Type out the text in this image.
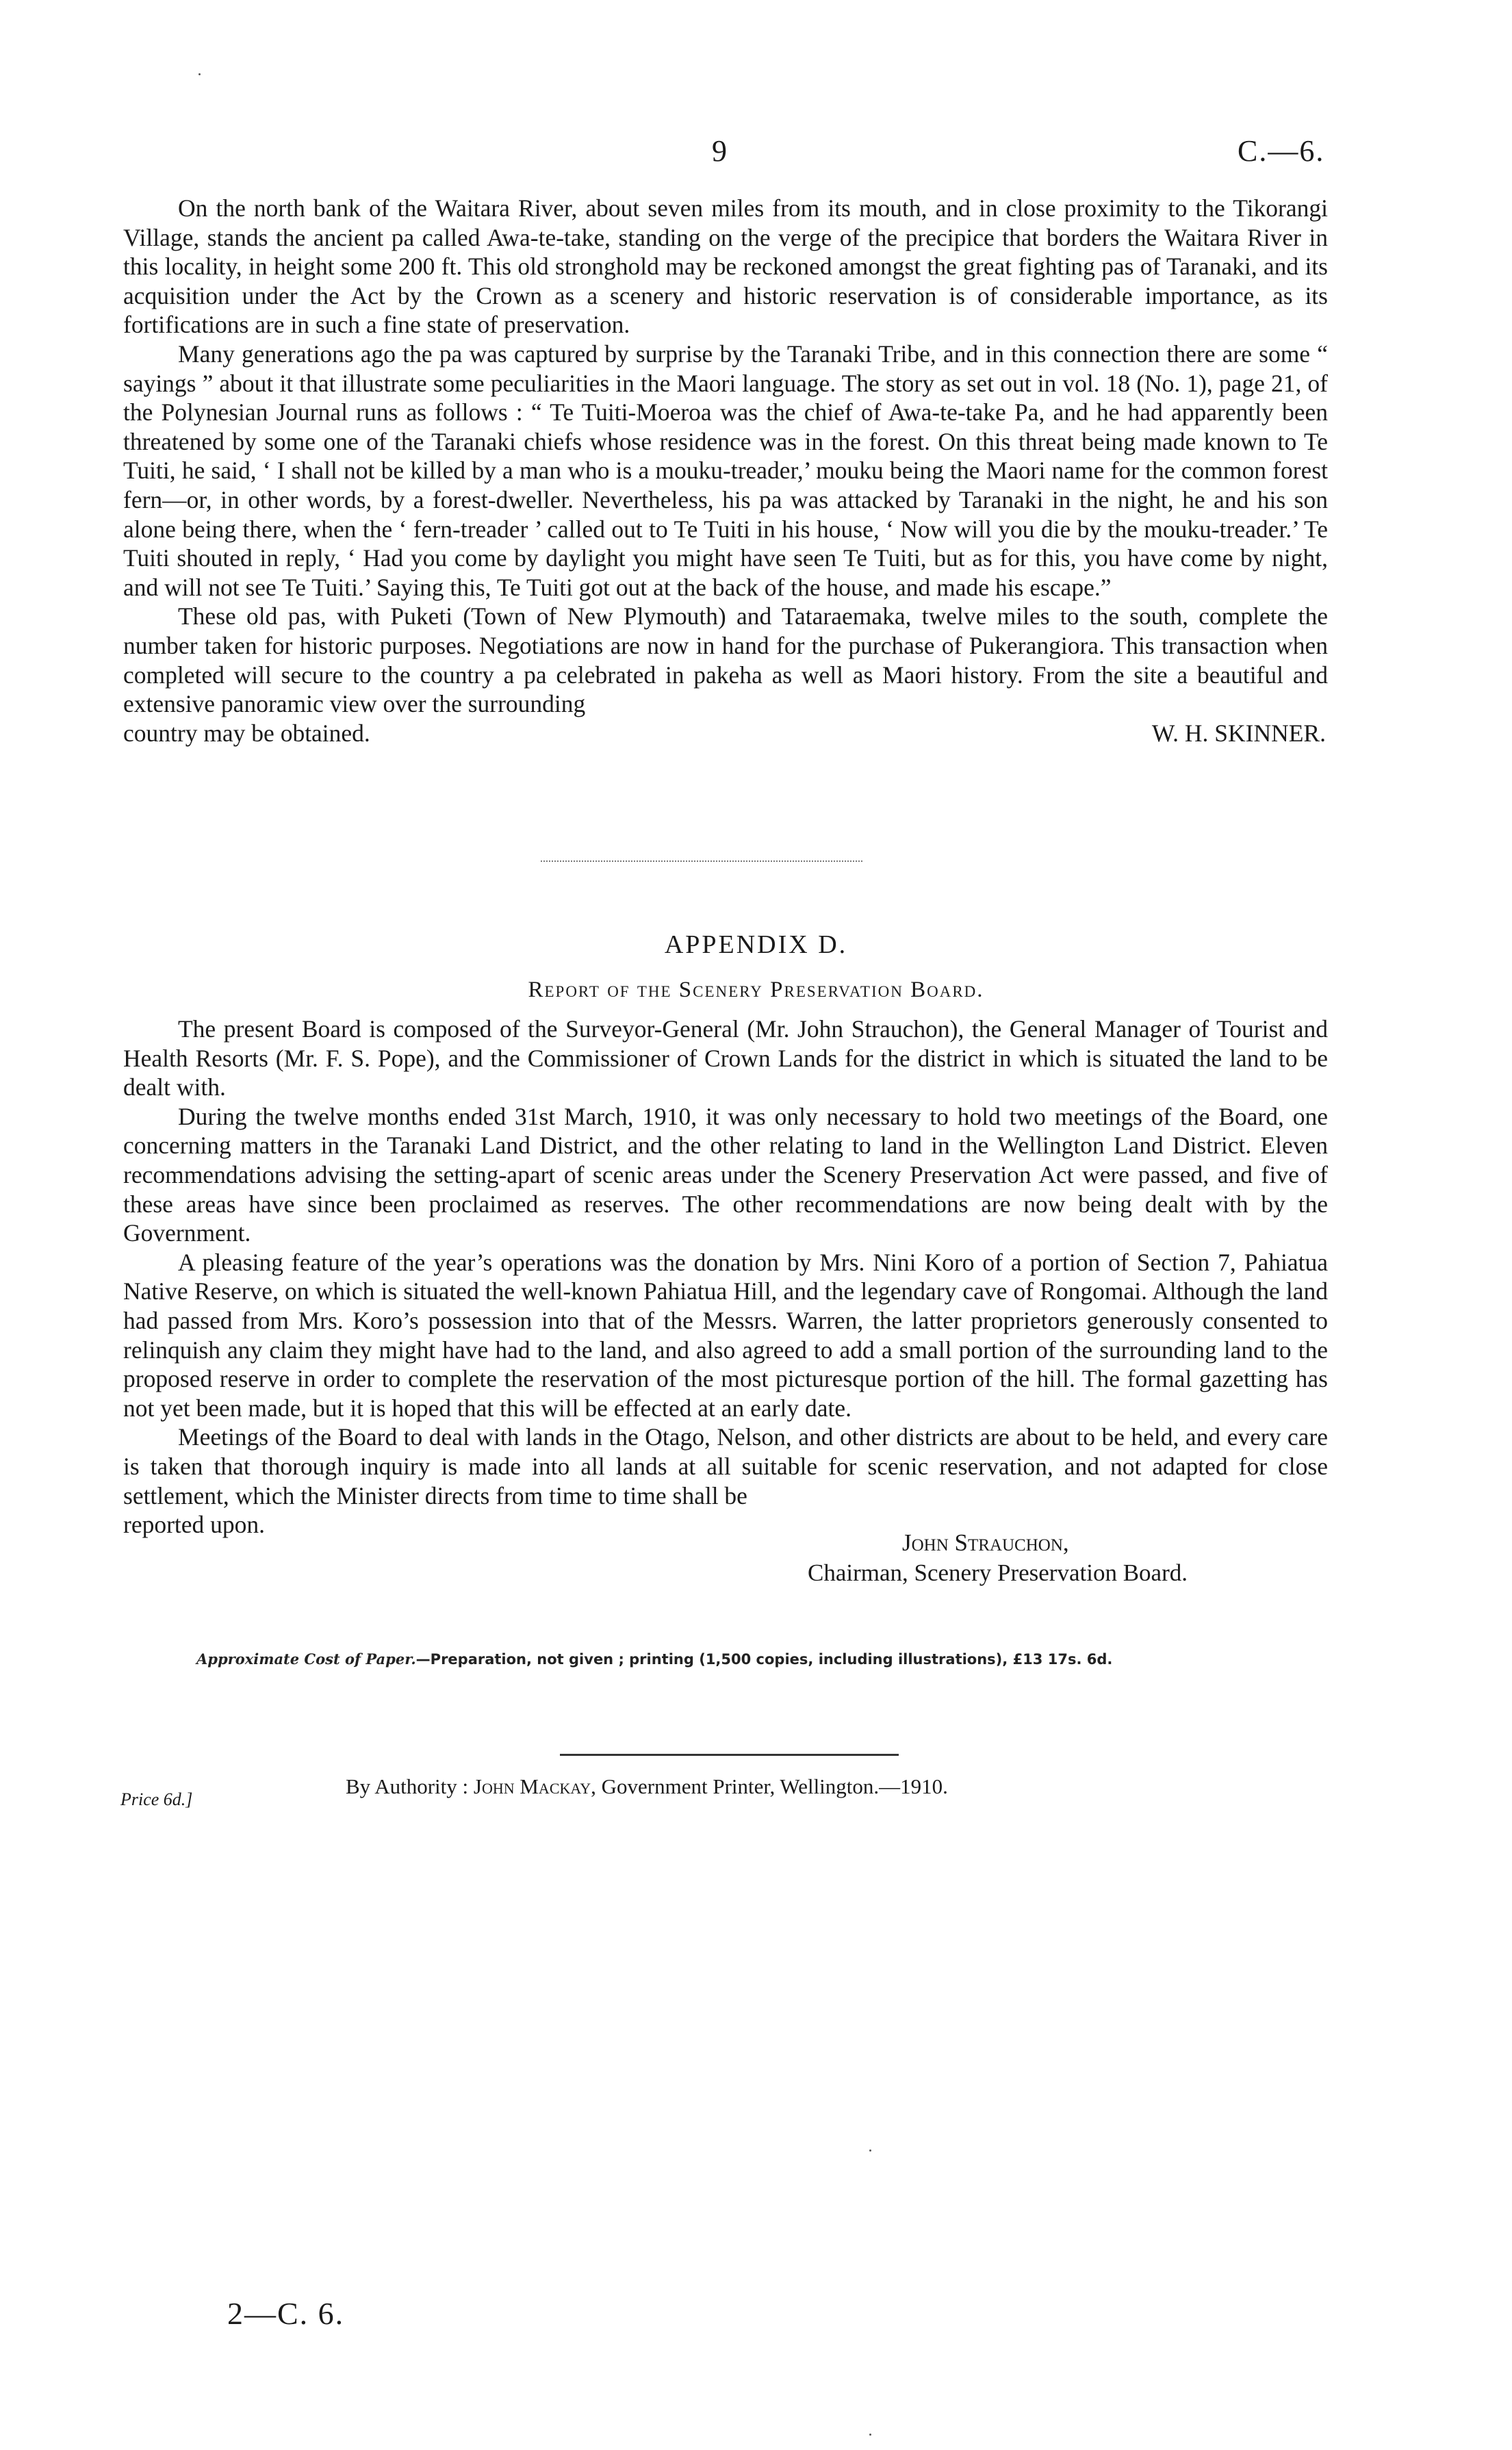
9	C.—6.

On the north bank of the Waitara River, about seven miles from its mouth, and in close proximity to the Tikorangi Village, stands the ancient pa called Awa-te-take, standing on the verge of the precipice that borders the Waitara River in this locality, in height some 200 ft. This old stronghold may be reckoned amongst the great fighting pas of Taranaki, and its acquisition under the Act by the Crown as a scenery and historic reservation is of considerable importance, as its fortifications are in such a fine state of preservation.

Many generations ago the pa was captured by surprise by the Taranaki Tribe, and in this connection there are some “ sayings ” about it that illustrate some peculiarities in the Maori language. The story as set out in vol. 18 (No. 1), page 21, of the Polynesian Journal runs as follows : “ Te Tuiti-Moeroa was the chief of Awa-te-take Pa, and he had apparently been threatened by some one of the Taranaki chiefs whose residence was in the forest. On this threat being made known to Te Tuiti, he said, ‘ I shall not be killed by a man who is a mouku-treader,’ mouku being the Maori name for the common forest fern—or, in other words, by a forest-dweller. Nevertheless, his pa was attacked by Taranaki in the night, he and his son alone being there, when the ‘ fern-treader ’ called out to Te Tuiti in his house, ‘ Now will you die by the mouku-treader.’ Te Tuiti shouted in reply, ‘ Had you come by daylight you might have seen Te Tuiti, but as for this, you have come by night, and will not see Te Tuiti.’ Saying this, Te Tuiti got out at the back of the house, and made his escape.”

These old pas, with Puketi (Town of New Plymouth) and Tataraemaka, twelve miles to the south, complete the number taken for historic purposes. Negotiations are now in hand for the purchase of Pukerangiora. This transaction when completed will secure to the country a pa celebrated in pakeha as well as Maori history. From the site a beautiful and extensive panoramic view over the surrounding

country may be obtained.	W. H. SKINNER.
APPENDIX D.
Report of the Scenery Preservation Board.

The present Board is composed of the Surveyor-General (Mr. John Strauchon), the General Manager of Tourist and Health Resorts (Mr. F. S. Pope), and the Commissioner of Crown Lands for the district in which is situated the land to be dealt with.

During the twelve months ended 31st March, 1910, it was only necessary to hold two meetings of the Board, one concerning matters in the Taranaki Land District, and the other relating to land in the Wellington Land District. Eleven recommendations advising the setting-apart of scenic areas under the Scenery Preservation Act were passed, and five of these areas have since been proclaimed as reserves. The other recommendations are now being dealt with by the Government.

A pleasing feature of the year’s operations was the donation by Mrs. Nini Koro of a portion of Section 7, Pahiatua Native Reserve, on which is situated the well-known Pahiatua Hill, and the legendary cave of Rongomai. Although the land had passed from Mrs. Koro’s possession into that of the Messrs. Warren, the latter proprietors generously consented to relinquish any claim they might have had to the land, and also agreed to add a small portion of the surrounding land to the proposed reserve in order to complete the reservation of the most picturesque portion of the hill. The formal gazetting has not yet been made, but it is hoped that this will be effected at an early date.

Meetings of the Board to deal with lands in the Otago, Nelson, and other districts are about to be held, and every care is taken that thorough inquiry is made into all lands at all suitable for scenic reservation, and not adapted for close settlement, which the Minister directs from time to time shall be

reported upon.
John Strauchon,
Chairman, Scenery Preservation Board.
Approximate Cost of Paper.—Preparation, not given ; printing (1,500 copies, including illustrations), £13 17s. 6d.
Price 6d.]
By Authority : John Mackay, Government Printer, Wellington.—1910.
2—C. 6.
